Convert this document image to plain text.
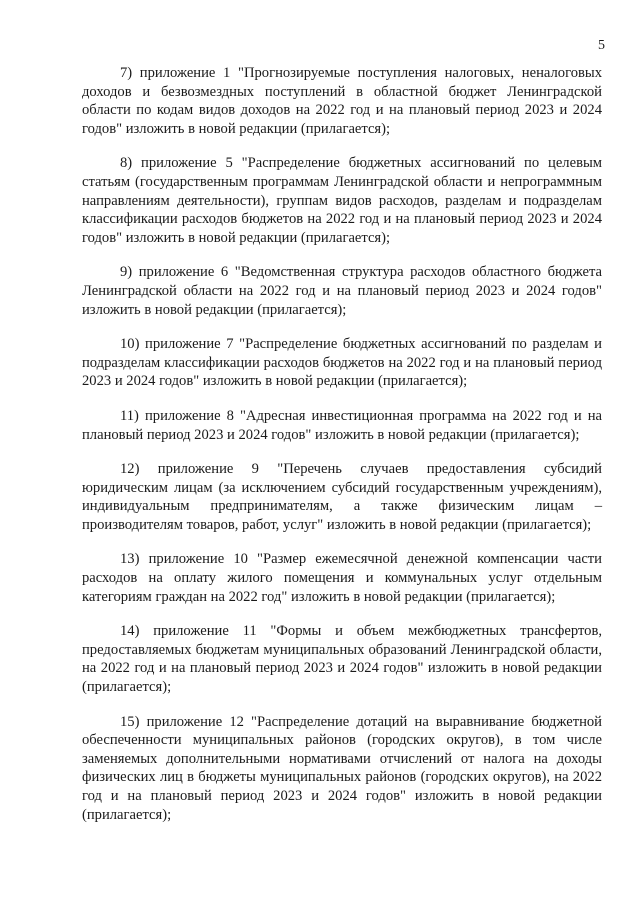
5

7) приложение 1 "Прогнозируемые поступления налоговых, неналоговых доходов и безвозмездных поступлений в областной бюджет Ленинградской области по кодам видов доходов на 2022 год и на плановый период 2023 и 2024 годов" изложить в новой редакции (прилагается);

8) приложение 5 "Распределение бюджетных ассигнований по целевым статьям (государственным программам Ленинградской области и непрограммным направлениям деятельности), группам видов расходов, разделам и подразделам классификации расходов бюджетов на 2022 год и на плановый период 2023 и 2024 годов" изложить в новой редакции (прилагается);

9) приложение 6 "Ведомственная структура расходов областного бюджета Ленинградской области на 2022 год и на плановый период 2023 и 2024 годов" изложить в новой редакции (прилагается);

10) приложение 7 "Распределение бюджетных ассигнований по разделам и подразделам классификации расходов бюджетов на 2022 год и на плановый период 2023 и 2024 годов" изложить в новой редакции (прилагается);

11) приложение 8 "Адресная инвестиционная программа на 2022 год и на плановый период 2023 и 2024 годов" изложить в новой редакции (прилагается);

12) приложение 9 "Перечень случаев предоставления субсидий юридическим лицам (за исключением субсидий государственным учреждениям), индивидуальным предпринимателям, а также физическим лицам – производителям товаров, работ, услуг" изложить в новой редакции (прилагается);

13) приложение 10 "Размер ежемесячной денежной компенсации части расходов на оплату жилого помещения и коммунальных услуг отдельным категориям граждан на 2022 год" изложить в новой редакции (прилагается);

14) приложение 11 "Формы и объем межбюджетных трансфертов, предоставляемых бюджетам муниципальных образований Ленинградской области, на 2022 год и на плановый период 2023 и 2024 годов" изложить в новой редакции (прилагается);

15) приложение 12 "Распределение дотаций на выравнивание бюджетной обеспеченности муниципальных районов (городских округов), в том числе заменяемых дополнительными нормативами отчислений от налога на доходы физических лиц в бюджеты муниципальных районов (городских округов), на 2022 год и на плановый период 2023 и 2024 годов" изложить в новой редакции (прилагается);
